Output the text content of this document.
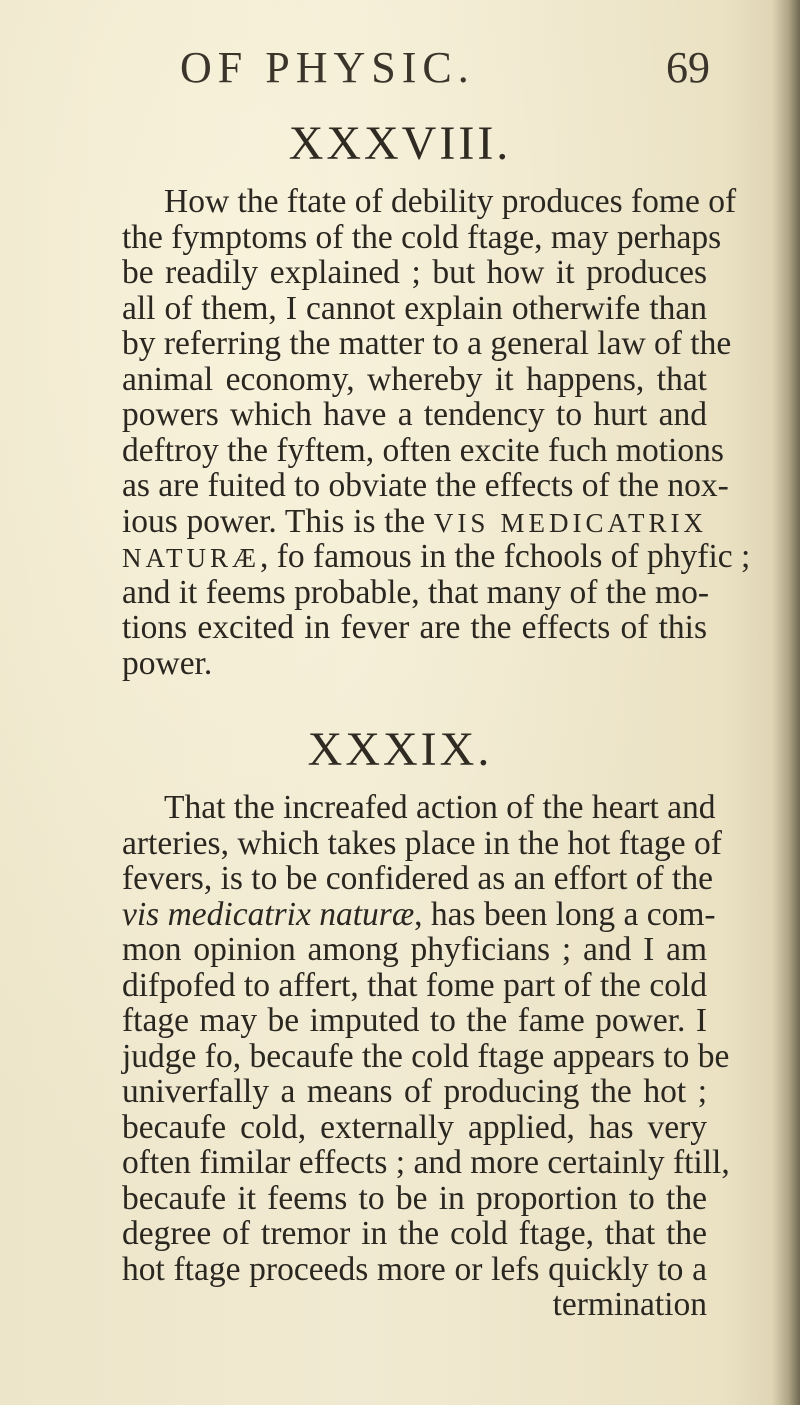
OF PHYSIC.	69
XXXVIII.
How the ftate of debility produces fome of
the fymptoms of the cold ftage, may perhaps
be readily explained ; but how it produces
all of them, I cannot explain otherwife than
by referring the matter to a general law of the
animal economy, whereby it happens, that
powers which have a tendency to hurt and
deftroy the fyftem, often excite fuch motions
as are fuited to obviate the effects of the nox-
ious power. This is the VIS MEDICATRIX
NATURÆ, fo famous in the fchools of phyfic ;
and it feems probable, that many of the mo-
tions excited in fever are the effects of this
power.
XXXIX.
That the increafed action of the heart and
arteries, which takes place in the hot ftage of
fevers, is to be confidered as an effort of the
vis medicatrix naturæ, has been long a com-
mon opinion among phyficians ; and I am
difpofed to affert, that fome part of the cold
ftage may be imputed to the fame power. I
judge fo, becaufe the cold ftage appears to be
univerfally a means of producing the hot ;
becaufe cold, externally applied, has very
often fimilar effects ; and more certainly ftill,
becaufe it feems to be in proportion to the
degree of tremor in the cold ftage, that the
hot ftage proceeds more or lefs quickly to a
termination
